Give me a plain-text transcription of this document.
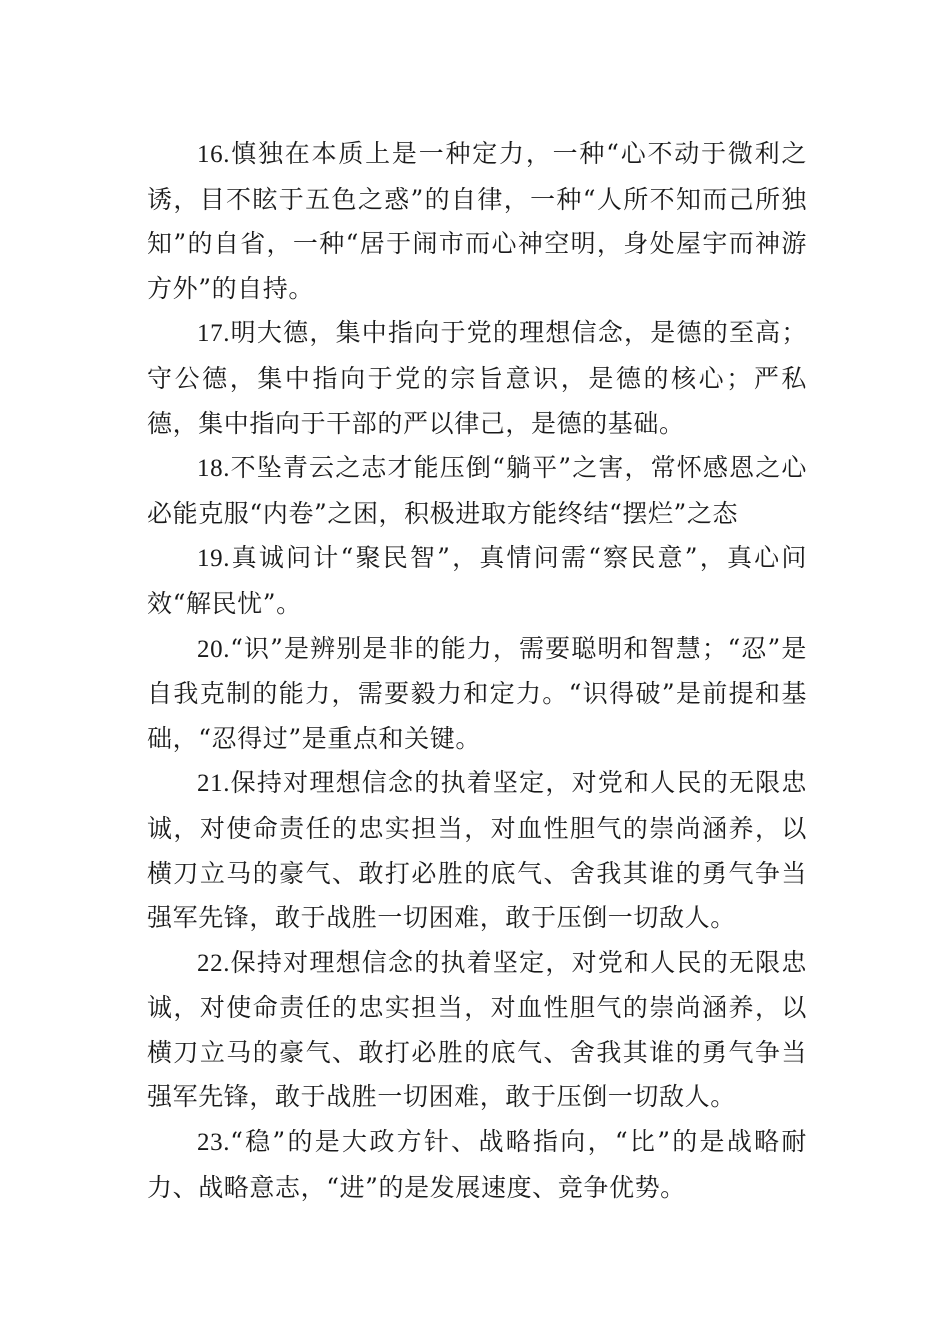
16.慎独在本质上是一种定力，一种“心不动于微利之诱，目不眩于五色之惑”的自律，一种“人所不知而己所独知”的自省，一种“居于闹市而心神空明，身处屋宇而神游方外”的自持。

17.明大德，集中指向于党的理想信念，是德的至高；守公德，集中指向于党的宗旨意识，是德的核心；严私德，集中指向于干部的严以律己，是德的基础。

18.不坠青云之志才能压倒“躺平”之害，常怀感恩之心必能克服“内卷”之困，积极进取方能终结“摆烂”之态

19.真诚问计“聚民智”，真情问需“察民意”，真心问效“解民忧”。

20.“识”是辨别是非的能力，需要聪明和智慧；“忍”是自我克制的能力，需要毅力和定力。“识得破”是前提和基础，“忍得过”是重点和关键。

21.保持对理想信念的执着坚定，对党和人民的无限忠诚，对使命责任的忠实担当，对血性胆气的崇尚涵养，以横刀立马的豪气、敢打必胜的底气、舍我其谁的勇气争当强军先锋，敢于战胜一切困难，敢于压倒一切敌人。

22.保持对理想信念的执着坚定，对党和人民的无限忠诚，对使命责任的忠实担当，对血性胆气的崇尚涵养，以横刀立马的豪气、敢打必胜的底气、舍我其谁的勇气争当强军先锋，敢于战胜一切困难，敢于压倒一切敌人。

23.“稳”的是大政方针、战略指向，“比”的是战略耐力、战略意志，“进”的是发展速度、竞争优势。
